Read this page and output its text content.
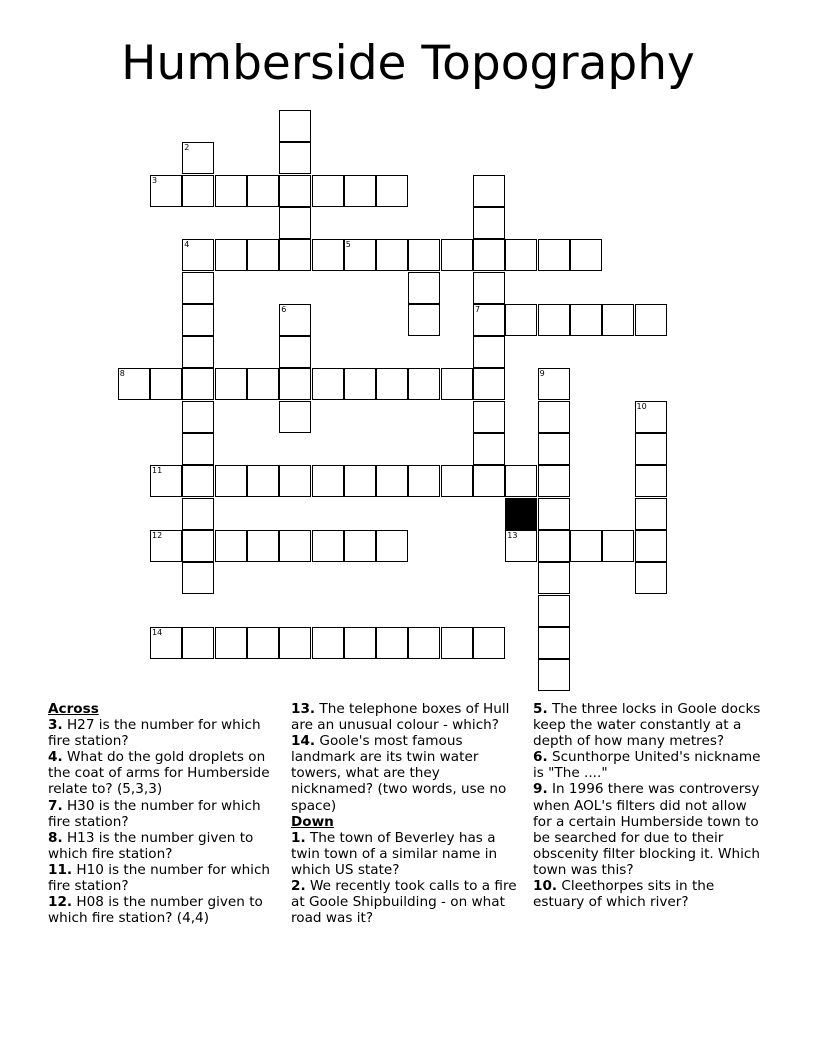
Humberside Topography
2
3
4	5
6	7
8	9
10
11
12	13
14
Across
3. H27 is the number for which fire station?
4. What do the gold droplets on the coat of arms for Humberside relate to? (5,3,3)
7. H30 is the number for which fire station?
8. H13 is the number given to which fire station?
11. H10 is the number for which fire station?
12. H08 is the number given to which fire station? (4,4)
13. The telephone boxes of Hull are an unusual colour - which?
14. Goole's most famous landmark are its twin water towers, what are they nicknamed? (two words, use no space)
Down
1. The town of Beverley has a twin town of a similar name in which US state?
2. We recently took calls to a fire at Goole Shipbuilding - on what road was it?
5. The three locks in Goole docks keep the water constantly at a depth of how many metres?
6. Scunthorpe United's nickname is "The ...."
9. In 1996 there was controversy when AOL's filters did not allow for a certain Humberside town to be searched for due to their obscenity filter blocking it. Which town was this?
10. Cleethorpes sits in the estuary of which river?
